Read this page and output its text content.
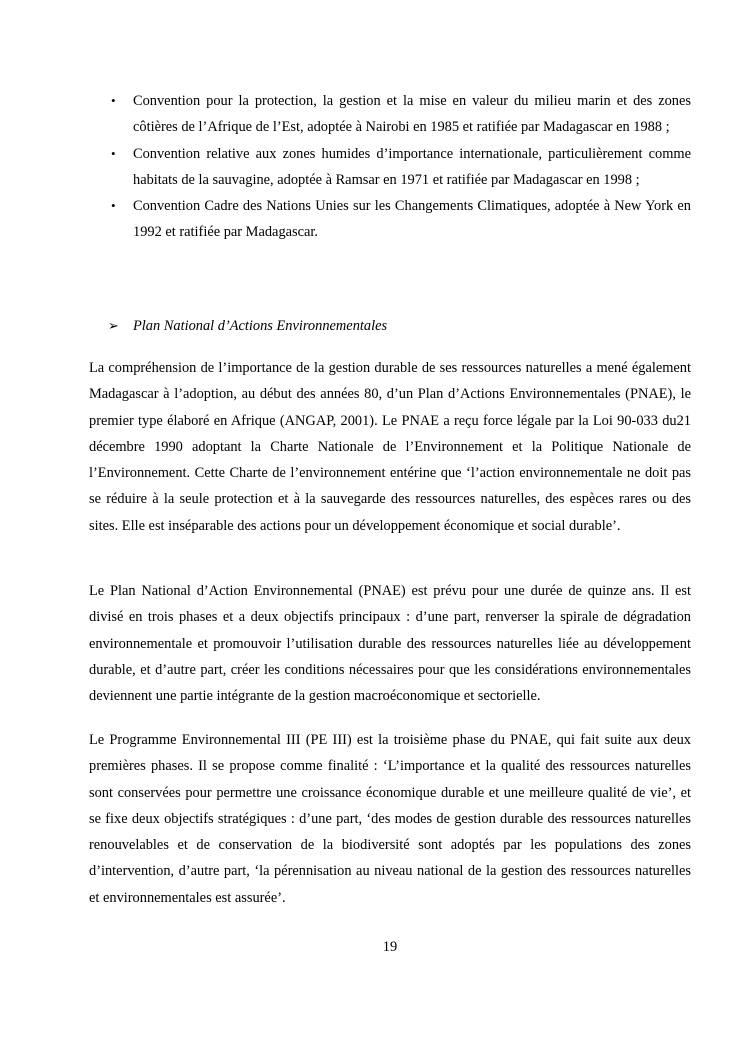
• Convention pour la protection, la gestion et la mise en valeur du milieu marin et des zones côtières de l’Afrique de l’Est, adoptée à Nairobi en 1985 et ratifiée par Madagascar en 1988 ;
• Convention relative aux zones humides d’importance internationale, particulièrement comme habitats de la sauvagine, adoptée à Ramsar en 1971 et ratifiée par Madagascar en 1998 ;
• Convention Cadre des Nations Unies sur les Changements Climatiques, adoptée à New York en 1992 et ratifiée par Madagascar.
➢ Plan National d’Actions Environnementales

La compréhension de l’importance de la gestion durable de ses ressources naturelles a mené également Madagascar à l’adoption, au début des années 80, d’un Plan d’Actions Environnementales (PNAE), le premier type élaboré en Afrique (ANGAP, 2001). Le PNAE a reçu force légale par la Loi 90-033 du21 décembre 1990 adoptant la Charte Nationale de l’Environnement et la Politique Nationale de l’Environnement. Cette Charte de l’environnement entérine que ‘l’action environnementale ne doit pas se réduire à la seule protection et à la sauvegarde des ressources naturelles, des espèces rares ou des sites. Elle est inséparable des actions pour un développement économique et social durable’.

Le Plan National d’Action Environnemental (PNAE) est prévu pour une durée de quinze ans. Il est divisé en trois phases et a deux objectifs principaux : d’une part, renverser la spirale de dégradation environnementale et promouvoir l’utilisation durable des ressources naturelles liée au développement durable, et d’autre part, créer les conditions nécessaires pour que les considérations environnementales deviennent une partie intégrante de la gestion macroéconomique et sectorielle.

Le Programme Environnemental III (PE III) est la troisième phase du PNAE, qui fait suite aux deux premières phases. Il se propose comme finalité : ‘L’importance et la qualité des ressources naturelles sont conservées pour permettre une croissance économique durable et une meilleure qualité de vie’, et se fixe deux objectifs stratégiques : d’une part, ‘des modes de gestion durable des ressources naturelles renouvelables et de conservation de la biodiversité sont adoptés par les populations des zones d’intervention, d’autre part, ‘la pérennisation au niveau national de la gestion des ressources naturelles et environnementales est assurée’.

19
